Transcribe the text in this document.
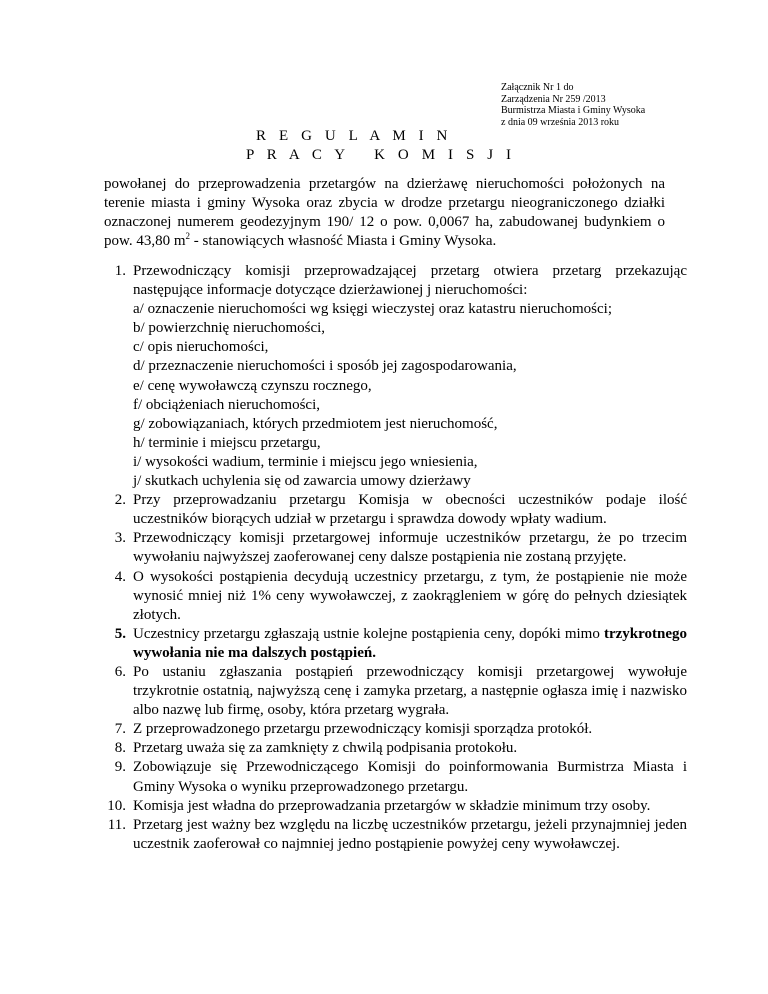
Załącznik Nr 1 do
Zarządzenia Nr 259 /2013
Burmistrza Miasta i Gminy Wysoka
z dnia 09 września 2013 roku
R E G U L A M I N
P R A C Y   K O M I S J I

powołanej do przeprowadzenia przetargów na dzierżawę nieruchomości położonych na terenie miasta i gminy Wysoka oraz zbycia w drodze przetargu nieograniczonego działki oznaczonej numerem geodezyjnym 190/ 12 o pow. 0,0067 ha, zabudowanej budynkiem o pow. 43,80 $m^2$ - stanowiących własność Miasta i Gminy Wysoka.

1. Przewodniczący komisji przeprowadzającej przetarg otwiera przetarg przekazując następujące informacje dotyczące dzierżawionej j nieruchomości:
a/ oznaczenie nieruchomości wg księgi wieczystej oraz katastru nieruchomości;
b/ powierzchnię nieruchomości,
c/ opis nieruchomości,
d/ przeznaczenie nieruchomości i sposób jej zagospodarowania,
e/ cenę wywoławczą czynszu rocznego,
f/ obciążeniach nieruchomości,
g/ zobowiązaniach, których przedmiotem jest nieruchomość,
h/ terminie i miejscu przetargu,
i/ wysokości wadium, terminie i miejscu jego wniesienia,
j/ skutkach uchylenia się od zawarcia umowy dzierżawy
2. Przy przeprowadzaniu przetargu Komisja w obecności uczestników podaje ilość uczestników biorących udział w przetargu i sprawdza dowody wpłaty wadium.
3. Przewodniczący komisji przetargowej informuje uczestników przetargu, że po trzecim wywołaniu najwyższej zaoferowanej ceny dalsze postąpienia nie zostaną przyjęte.
4. O wysokości postąpienia decydują uczestnicy przetargu, z tym, że postąpienie nie może wynosić mniej niż 1% ceny wywoławczej, z zaokrągleniem w górę do pełnych dziesiątek złotych.
5. Uczestnicy przetargu zgłaszają ustnie kolejne postąpienia ceny, dopóki mimo trzykrotnego wywołania nie ma dalszych postąpień.
6. Po ustaniu zgłaszania postąpień przewodniczący komisji przetargowej wywołuje trzykrotnie ostatnią, najwyższą cenę i zamyka przetarg, a następnie ogłasza imię i nazwisko albo nazwę lub firmę, osoby, która przetarg wygrała.
7. Z przeprowadzonego przetargu przewodniczący komisji sporządza protokół.
8. Przetarg uważa się za zamknięty z chwilą podpisania protokołu.
9. Zobowiązuje się Przewodniczącego Komisji do poinformowania Burmistrza Miasta i Gminy Wysoka o wyniku przeprowadzonego przetargu.
10. Komisja jest władna do przeprowadzania przetargów w składzie minimum trzy osoby.
11. Przetarg jest ważny bez względu na liczbę uczestników przetargu, jeżeli przynajmniej jeden uczestnik zaoferował co najmniej jedno postąpienie powyżej ceny wywoławczej.
